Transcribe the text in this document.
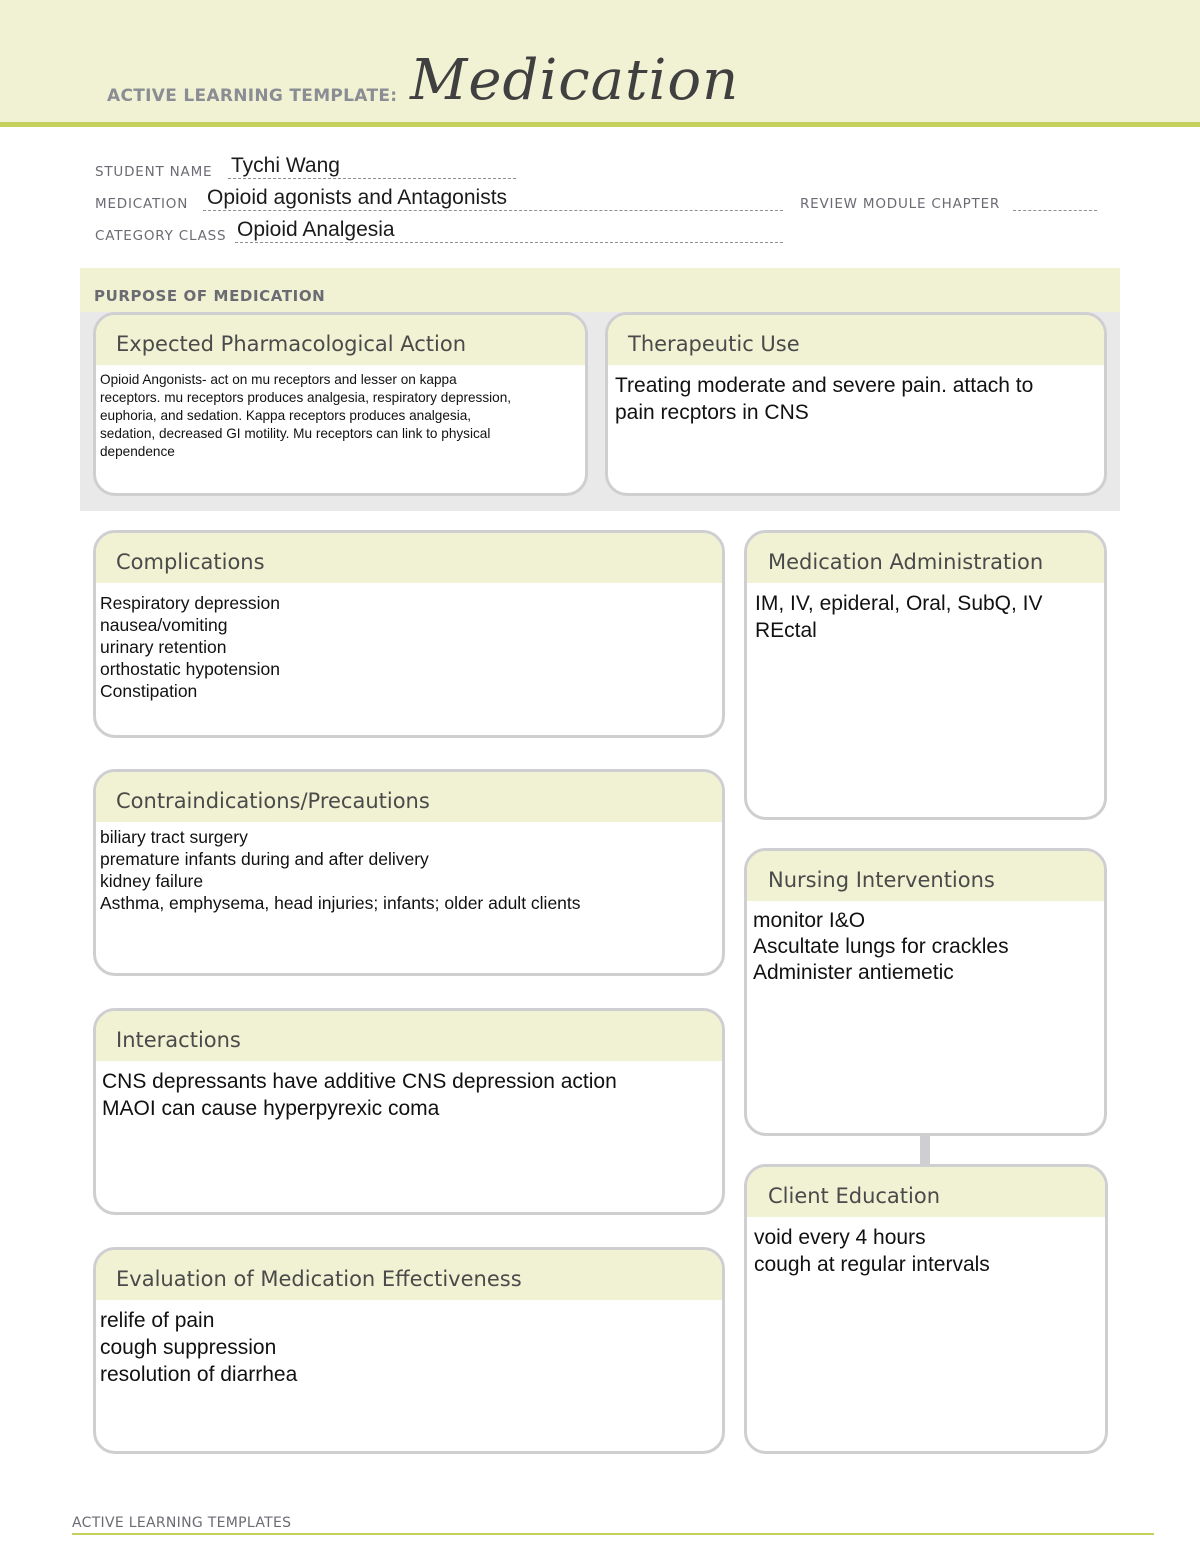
ACTIVE LEARNING TEMPLATE: Medication
STUDENT NAME Tychi Wang
MEDICATION Opioid agonists and Antagonists	REVIEW MODULE CHAPTER
CATEGORY CLASS Opioid Analgesia
PURPOSE OF MEDICATION
Expected Pharmacological Action
Opioid Angonists- act on mu receptors and lesser on kappa
receptors. mu receptors produces analgesia, respiratory depression,
euphoria, and sedation. Kappa receptors produces analgesia,
sedation, decreased GI motility. Mu receptors can link to physical
dependence
Therapeutic Use
Treating moderate and severe pain. attach to
pain recptors in CNS
Complications
Respiratory depression
nausea/vomiting
urinary retention
orthostatic hypotension
Constipation
Contraindications/Precautions
biliary tract surgery
premature infants during and after delivery
kidney failure
Asthma, emphysema, head injuries; infants; older adult clients
Interactions
CNS depressants have additive CNS depression action
MAOI can cause hyperpyrexic coma
Evaluation of Medication Effectiveness
relife of pain
cough suppression
resolution of diarrhea
Medication Administration
IM, IV, epideral, Oral, SubQ, IV
REctal
Nursing Interventions
monitor I&O
Ascultate lungs for crackles
Administer antiemetic
Client Education
void every 4 hours
cough at regular intervals
ACTIVE LEARNING TEMPLATES
